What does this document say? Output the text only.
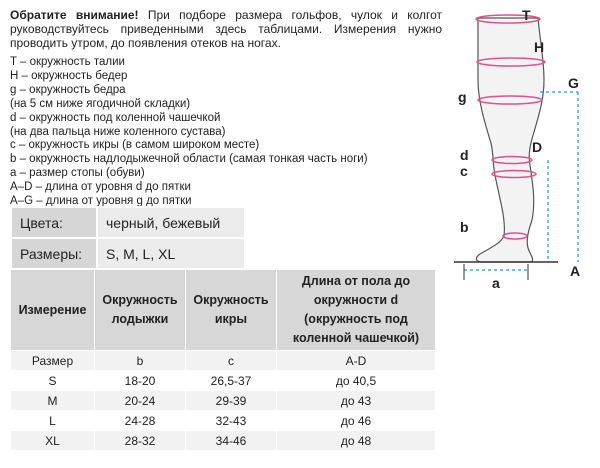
Обратите внимание! При подборе размера гольфов, чулок и колгот руководствуйтесь приведенными здесь таблицами. Измерения нужно проводить утром, до появления отеков на ногах.
T – окружность талии
H – окружность бедер
g – окружность бедра
(на 5 см ниже ягодичной складки)
d – окружность под коленной чашечкой
(на два пальца ниже коленного сустава)
c – окружность икры (в самом широком месте)
b – окружность надлодыжечной области (самая тонкая часть ноги)
a – размер стопы (обуви)
A–D – длина от уровня d до пятки
A–G – длина от уровня g до пятки
Цвета:	черный, бежевый
Размеры:	S, M, L, XL
Измерение	Окружность лодыжки	Окружность икры	Длина от пола до окружности d (окружность под коленной чашечкой)
Размер	b	c	A-D
S	18-20	26,5-37	до 40,5
M	20-24	29-39	до 43
L	24-28	32-43	до 46
XL	28-32	34-46	до 48
T
H
G
g
D
d
c
b
a
A
